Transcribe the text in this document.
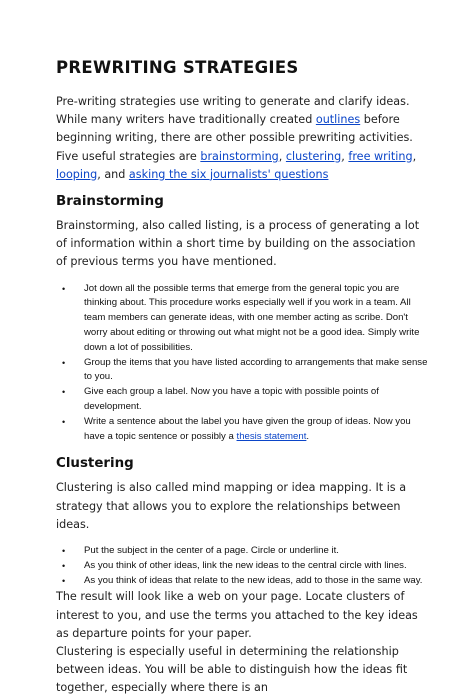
PREWRITING STRATEGIES

Pre-writing strategies use writing to generate and clarify ideas. While many writers have traditionally created outlines before beginning writing, there are other possible prewriting activities. Five useful strategies are brainstorming, clustering, free writing, looping, and asking the six journalists' questions

Brainstorming

Brainstorming, also called listing, is a process of generating a lot of information within a short time by building on the association of previous terms you have mentioned.

• Jot down all the possible terms that emerge from the general topic you are thinking about. This procedure works especially well if you work in a team. All team members can generate ideas, with one member acting as scribe. Don't worry about editing or throwing out what might not be a good idea. Simply write down a lot of possibilities.
• Group the items that you have listed according to arrangements that make sense to you.
• Give each group a label. Now you have a topic with possible points of development.
• Write a sentence about the label you have given the group of ideas. Now you have a topic sentence or possibly a thesis statement.
Clustering

Clustering is also called mind mapping or idea mapping. It is a strategy that allows you to explore the relationships between ideas.

• Put the subject in the center of a page. Circle or underline it.
• As you think of other ideas, link the new ideas to the central circle with lines.
• As you think of ideas that relate to the new ideas, add to those in the same way.

The result will look like a web on your page. Locate clusters of interest to you, and use the terms you attached to the key ideas as departure points for your paper.

Clustering is especially useful in determining the relationship between ideas. You will be able to distinguish how the ideas fit together, especially where there is an
